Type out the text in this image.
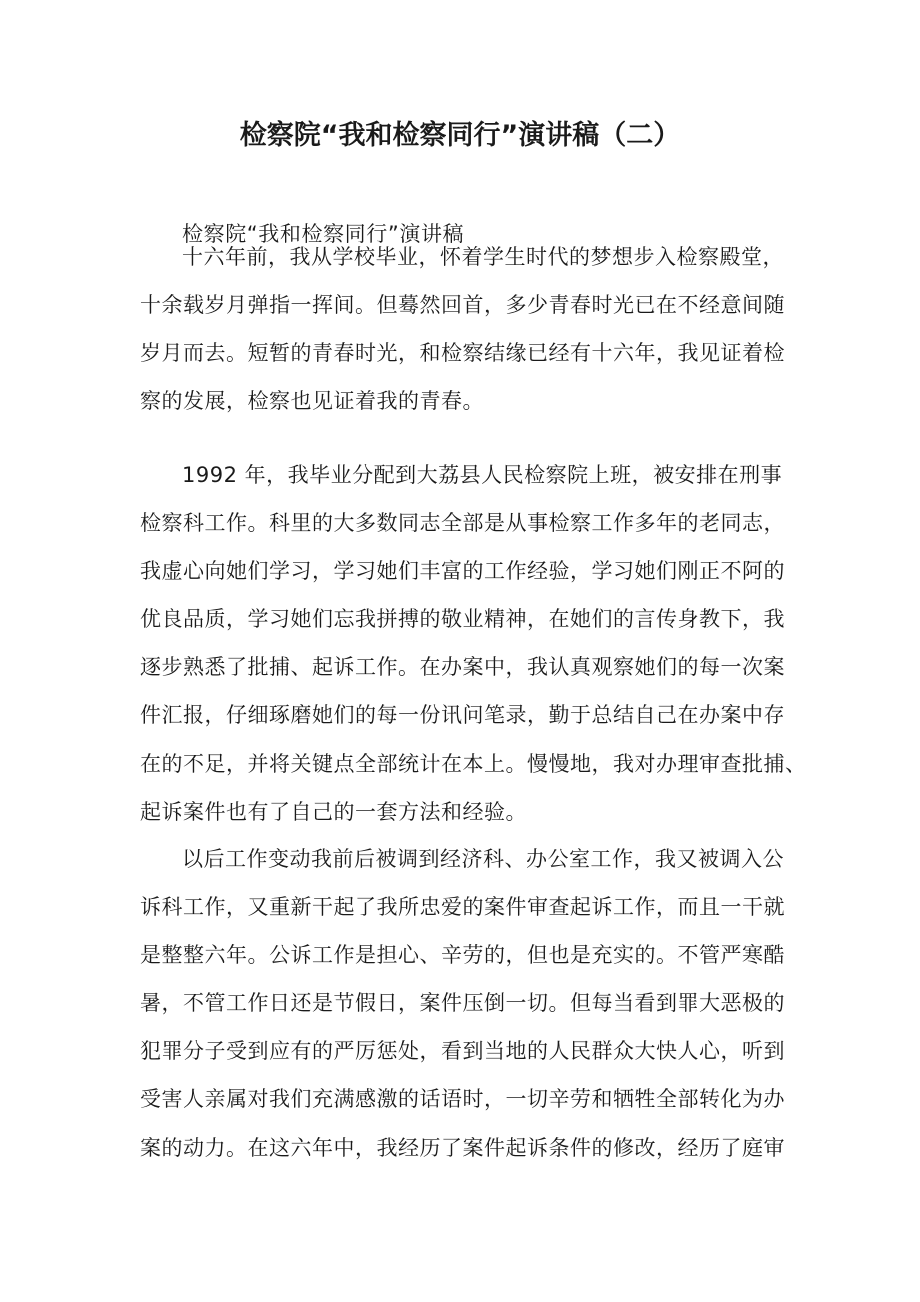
检察院“我和检察同行”演讲稿（二）
检察院“我和检察同行”演讲稿
十六年前，我从学校毕业，怀着学生时代的梦想步入检察殿堂，
十余载岁月弹指一挥间。但蓦然回首，多少青春时光已在不经意间随
岁月而去。短暂的青春时光，和检察结缘已经有十六年，我见证着检
察的发展，检察也见证着我的青春。
1992 年，我毕业分配到大荔县人民检察院上班，被安排在刑事
检察科工作。科里的大多数同志全部是从事检察工作多年的老同志，
我虚心向她们学习，学习她们丰富的工作经验，学习她们刚正不阿的
优良品质，学习她们忘我拼搏的敬业精神，在她们的言传身教下，我
逐步熟悉了批捕、起诉工作。在办案中，我认真观察她们的每一次案
件汇报，仔细琢磨她们的每一份讯问笔录，勤于总结自己在办案中存
在的不足，并将关键点全部统计在本上。慢慢地，我对办理审查批捕、
起诉案件也有了自己的一套方法和经验。
以后工作变动我前后被调到经济科、办公室工作，我又被调入公
诉科工作，又重新干起了我所忠爱的案件审查起诉工作，而且一干就
是整整六年。公诉工作是担心、辛劳的，但也是充实的。不管严寒酷
暑，不管工作日还是节假日，案件压倒一切。但每当看到罪大恶极的
犯罪分子受到应有的严厉惩处，看到当地的人民群众大快人心，听到
受害人亲属对我们充满感激的话语时，一切辛劳和牺牲全部转化为办
案的动力。在这六年中，我经历了案件起诉条件的修改，经历了庭审
